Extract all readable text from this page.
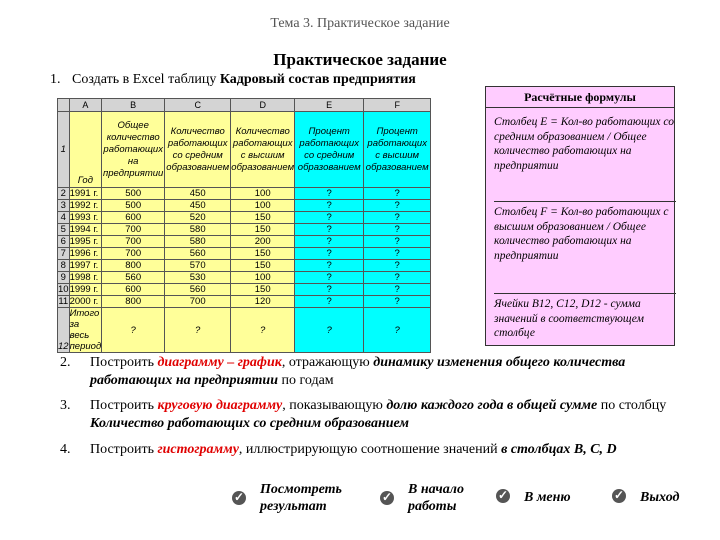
Тема 3. Практическое задание
Практическое задание
1. Создать в Excel таблицу Кадровый состав предприятия
	A	B	C	D	E	F
1	Год	Общее количество работающих на предприятии	Количество работающих со средним образованием	Количество работающих с высшим образованием	Процент работающих со средним образованием	Процент работающих с высшим образованием
2	1991 г.	500	450	100	?	?
3	1992 г.	500	450	100	?	?
4	1993 г.	600	520	150	?	?
5	1994 г.	700	580	150	?	?
6	1995 г.	700	580	200	?	?
7	1996 г.	700	560	150	?	?
8	1997 г.	800	570	150	?	?
9	1998 г.	560	530	100	?	?
10	1999 г.	600	560	150	?	?
11	2000 г.	800	700	120	?	?
12	Итого за весь период	?	?	?	?	?
Расчётные формулы
Столбец E = Кол-во работающих со средним образованием / Общее количество работающих на предприятии
Столбец F = Кол-во работающих с высшим образованием / Общее количество работающих на предприятии
Ячейки B12, C12, D12 - сумма значений в соответствующем столбце
2. Построить диаграмму – график, отражающую динамику изменения общего количества работающих на предприятии по годам
3. Построить круговую диаграмму, показывающую долю каждого года в общей сумме по столбцу Количество работающих со средним образованием
4. Построить гистограмму, иллюстрирующую соотношение значений в столбцах B, C, D
✓
Посмотреть результат
✓
В начало работы
✓
В меню ✓	Выход
